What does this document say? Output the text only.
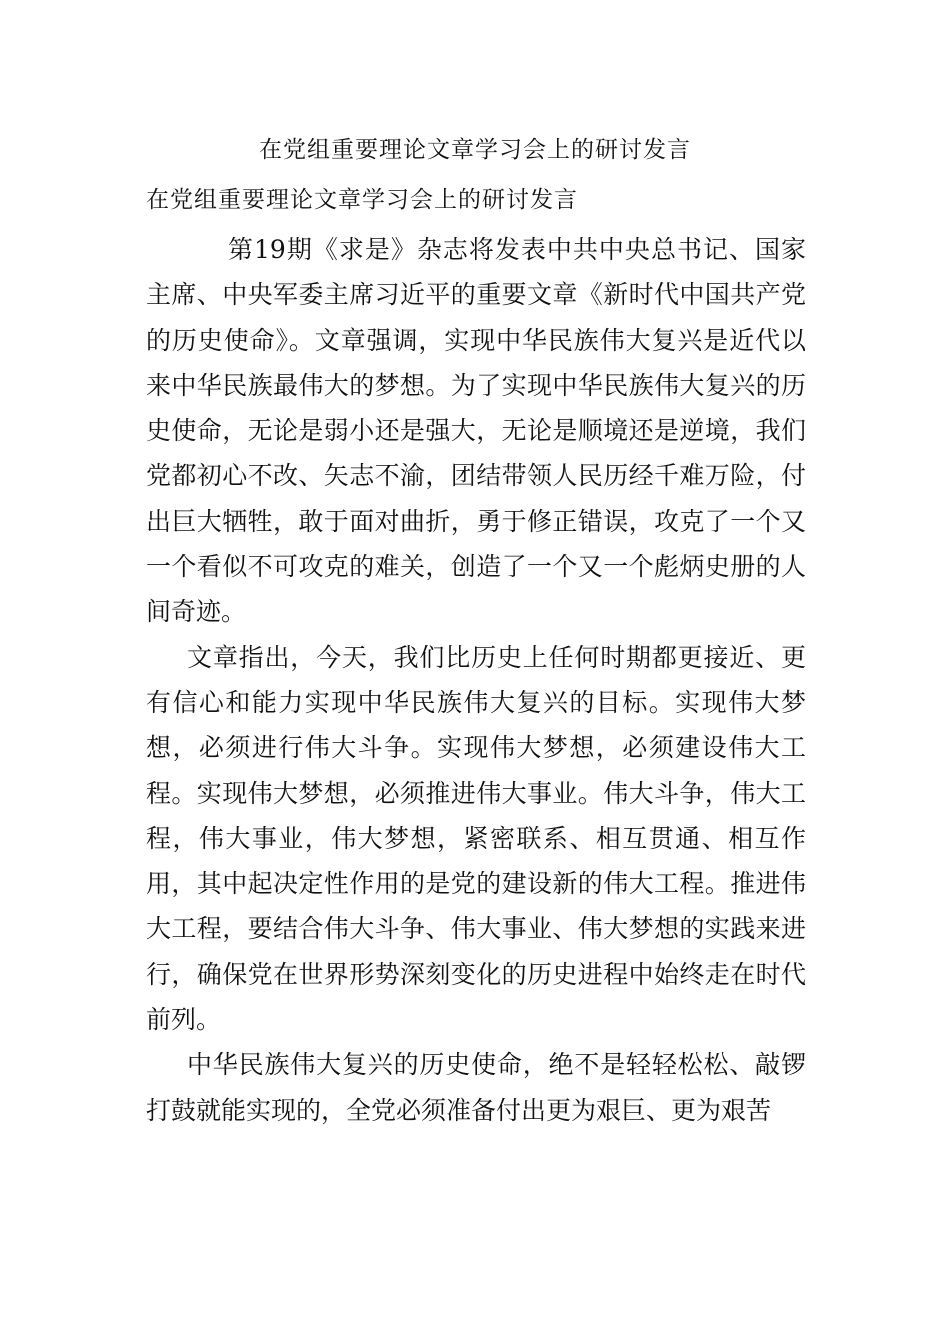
在党组重要理论文章学习会上的研讨发言
在党组重要理论文章学习会上的研讨发言

第19期《求是》杂志将发表中共中央总书记、国家主席、中央军委主席习近平的重要文章《新时代中国共产党的历史使命》。文章强调，实现中华民族伟大复兴是近代以来中华民族最伟大的梦想。为了实现中华民族伟大复兴的历史使命，无论是弱小还是强大，无论是顺境还是逆境，我们党都初心不改、矢志不渝，团结带领人民历经千难万险，付出巨大牺牲，敢于面对曲折，勇于修正错误，攻克了一个又一个看似不可攻克的难关，创造了一个又一个彪炳史册的人间奇迹。

文章指出，今天，我们比历史上任何时期都更接近、更有信心和能力实现中华民族伟大复兴的目标。实现伟大梦想，必须进行伟大斗争。实现伟大梦想，必须建设伟大工程。实现伟大梦想，必须推进伟大事业。伟大斗争，伟大工程，伟大事业，伟大梦想，紧密联系、相互贯通、相互作用，其中起决定性作用的是党的建设新的伟大工程。推进伟大工程，要结合伟大斗争、伟大事业、伟大梦想的实践来进行，确保党在世界形势深刻变化的历史进程中始终走在时代前列。

中华民族伟大复兴的历史使命，绝不是轻轻松松、敲锣打鼓就能实现的，全党必须准备付出更为艰巨、更为艰苦
